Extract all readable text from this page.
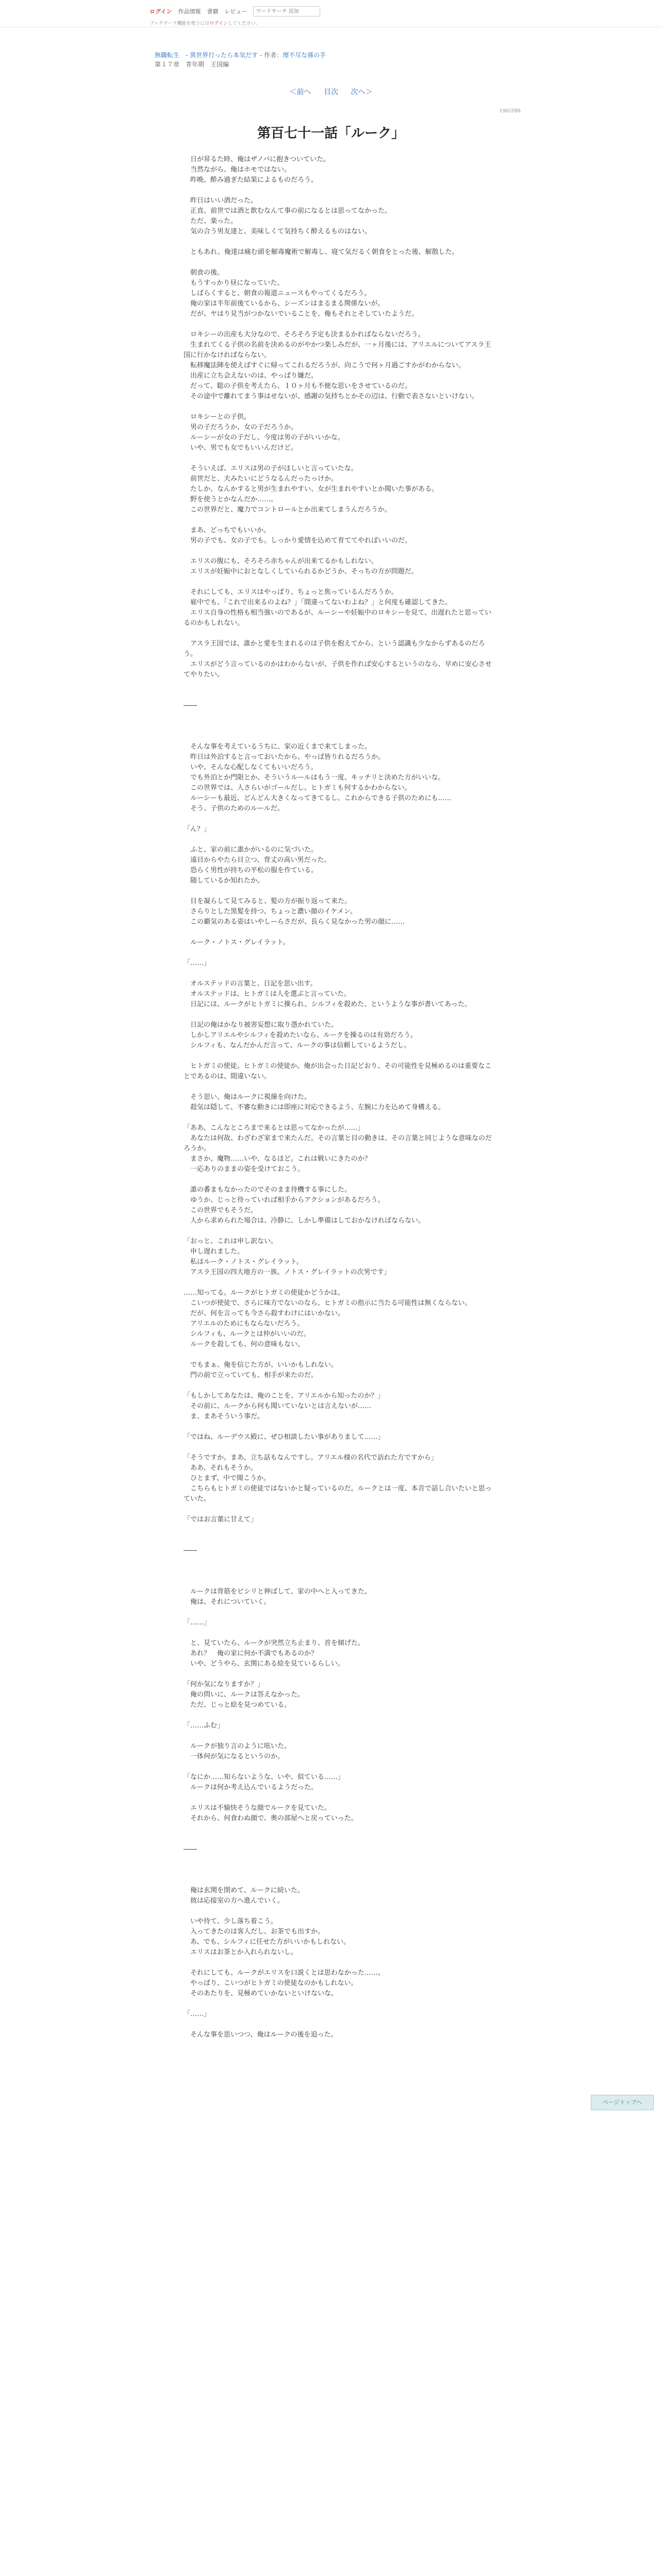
ログイン 作品情報 書籍 レビュー
ワードサーチ 追加
ブックマーク機能を使うにはログインしてください。
無職転生　- 異世界行ったら本気だす - 作者：理不尽な孫の手
第１７章　青年期　王国編
＜前へ 目次 次へ＞
190/286
第百七十一話「ルーク」

　日が昇るた時、俺はザノバに抱きついていた。
　当然ながら、俺はホモではない。
　昨晩、酔み過ぎた結果によるものだろう。

　昨日はいい酒だった。
　正直、前世では酒と飲むなんて事の前になるとは思ってなかった。
　ただ、楽った。
　気の合う男友達と、美味しくて気持ちく酔えるものはない。

　ともあれ、俺達は痛む頭を解毒魔術で解毒し、寝て気だるく朝食をとった後、解散した。

　朝食の後。
　もうすっかり昼になっていた。
　しばらくすると、朝食の報道ニュースもやってくるだろう。
　俺の家は半年前後ているから、シーズンはまるまる関係ないが。
　だが、ヤはり見当がつかないでいることを、俺もそれとそしていたようだ。

　ロキシーの出産も大分なので、そろそろ予定も決まるかればならないだろう。
　生まれてくる子供の名前を決めるのがやかつ楽しみだが、一ヶ月後には、アリエルについてアスラ王国に行かなければならない。
　転移魔法陣を使えばすぐに帰ってこれるだろうが、向こうで何ヶ月過ごすかがわからない。
　出産に立ち会えないのは、やっぱり嫌だ。
　だって、聡の子供を考えたら、１０ヶ月も不便な思いをさせているのだ。
　その途中で離れてまう事はせないが、感謝の気持ちとかその辺は、行動で表さないといけない。

　ロキシーとの子供。
　男の子だろうか、女の子だろうか。
　ルーシーが女の子だし、今度は男の子がいいかな。
　いや、男でも女でもいいんだけど。

　そういえば、エリスは男の子がほしいと言っていたな。
　前世だと、夫みたいにどうなるんだったっけか。
　たしか、なんかすると男が生まれやすい、女が生まれやすいとか聞いた事がある。
　野を使うとかなんだか……。
　この世界だと、魔力でコントロールとか出来てしまうんだろうか。

　まあ、どっちでもいいか。
　男の子でも、女の子でも。しっかり愛情を込めて育ててやればいいのだ。

　エリスの腹にも、そろそろ赤ちゃんが出来てるかもしれない。
　エリスが妊娠中におとなしくしていられるかどうか、そっちの方が問題だ。

　それにしても、エリスはやっぱり、ちょっと焦っているんだろうか。
　雇中でも、「これで出来るのよね？」「間違ってないわよね？」と何度も確認してきた。
　エリス自身の性格も相当強いのであるが、ルーシーや妊娠中のロキシーを見て、出遅れたと思っているのかもしれない。

　アスラ王国では、誰かと愛を生まれるのは子供を抱えてから、という認識も少なからずあるのだろう。
　エリスがどう言っているのかはわからないが、子供を作れば安心するというのなら、早めに安心させてやりたい。

――

　そんな事を考えているうちに、家の近くまで来てしまった。
　昨日は外泊すると言っておいたから、やっぱ皆りれるだろうか。
　いや、そんな心配しなくてもいいだろう。
　でも外泊とか門限とか、そういうルールはもう一度、キッチリと決めた方がいいな。
　この世界では、人さらいがゴールだし、ヒトガミも何するかわからない。
　ルーシーも最近、どんどん大きくなってきてるし、これからできる子供のためにも……
　そう、子供のためのルールだ。

「ん？」

　ふと、家の前に誰かがいるのに気づいた。
　遠目からやたら目立つ、背丈の高い男だった。
　恐らく男性が持ちの平松の服を作ている。
　随しているか知れたか。

　目を凝らして見てみると、髪の方が振り返って来た。
　さらりとした黒髪を持つ、ちょっと濃い顔のイケメン。
　この覇気のある姿はいやしーらさだが、長らく見なかった男の顔に……

　ルーク・ノトス・グレイラット。

「……」

　オルステッドの言葉と、日記を思い出す。
　オルステッドは、ヒトガミは人を選ぶと言っていた。
　日記には、ルークがヒトガミに操られ、シルフィを殺めた、というような事が書いてあった。

　日記の俺はかなり被害妄想に取り憑かれていた。
　しかしアリエルやシルフィを殺めたいなら、ルークを操るのは有効だろう。
　シルフィも、なんだかんだ言って、ルークの事は信頼しているようだし。

　ヒトガミの使徒。ヒトガミの使徒か。俺が出会った日記どおり、その可能性を見極めるのは重要なことであるのは、間違いない。

　そう思い、俺はルークに視線を向けた。
　殺気は隠して、不審な動きには即座に対応できるよう、左腕に力を込めて身構える。

「ああ、こんなところまで来るとは思ってなかったが……」
　あなたは何故、わざわざ家まで来たんだ。その言葉と目の動きは、その言葉と同じような意味なのだろうか。
　まさか、魔物……いや、なるほど。これは戦いにきたのか？
　一応ありのままの姿を受けておこう。

　誰の番まもなかったのでそのまま待機する事にした。
　ゆうか、じっと待っていれば相手からアクションがあるだろう。
　この世界でもそうだ。
　人から求められた場合は、冷静に、しかし準備はしておかなければならない。

「おっと、これは申し訳ない。
　申し遅れました。
　私はルーク・ノトス・グレイラット。
　アスラ王国の四大地方の一族、ノトス・グレイラットの次男です」

……知ってる。ルークがヒトガミの使徒かどうかは。
　こいつが使徒で、さらに味方でないのなら、ヒトガミの指示に当たる可能性は無くならない。
　だが、何を言っても今さら殺すわけにはいかない。
　アリエルのためにもならないだろう。
　シルフィも、ルークとは仲がいいのだ。
　ルークを殺しても、何の意味もない。

　でもまぁ、俺を信じた方が、いいかもしれない。
　門の前で立っていても、相手が来たのだ。

「もしかしてあなたは、俺のことを、アリエルから知ったのか？」
　その前に、ルークから何も聞いていないとは言えないが……
　ま、まあそういう事だ。

「ではね、ルーデウス殿に、ぜひ相談したい事がありまして……」

「そうですか。まあ、立ち話もなんですし。アリエル様の名代で訪れた方ですから」
　ああ、それもそうか。
　ひとまず、中で聞こうか。
　こちらもヒトガミの使徒ではないかと疑っているのだ。ルークとは一度、本音で話し合いたいと思っていた。

「ではお言葉に甘えて」

――

　ルークは背筋をピシリと伸ばして、家の中へと入ってきた。
　俺は、それについていく。

「……」

　と、見ていたら、ルークが突然立ち止まり、首を傾げた。
　あれ？　俺の家に何か不満でもあるのか？
　いや、どうやら、玄関にある絵を見ているらしい。

「何か気になりますか？」
　俺の問いに、ルークは答えなかった。
　ただ、じっと絵を見つめている。

「……ふむ」

　ルークが独り言のように呟いた。
　一体何が気になるというのか。

「なにか……知らないような、いや、似ている……」
　ルークは何か考え込んでいるようだった。

　エリスは不愉快そうな顔でルークを見ていた。
　それから、何食わぬ顔で、奥の部屋へと戻っていった。

――

　俺は玄関を閉めて、ルークに続いた。
　彼は応接室の方へ進んでいく。

　いや待て、少し落ち着こう。
　入ってきたのは客人だし、お茶でも出すか。
　あ、でも、シルフィに任せた方がいいかもしれない。
　エリスはお茶とか入れられないし。

　それにしても、ルークがエリスを口説くとは思わなかった……。
　やっぱり、こいつがヒトガミの使徒なのかもしれない。
　そのあたりを、見極めていかないといけないな。

「……」

　そんな事を思いつつ、俺はルークの後を追った。

ページトップへ
